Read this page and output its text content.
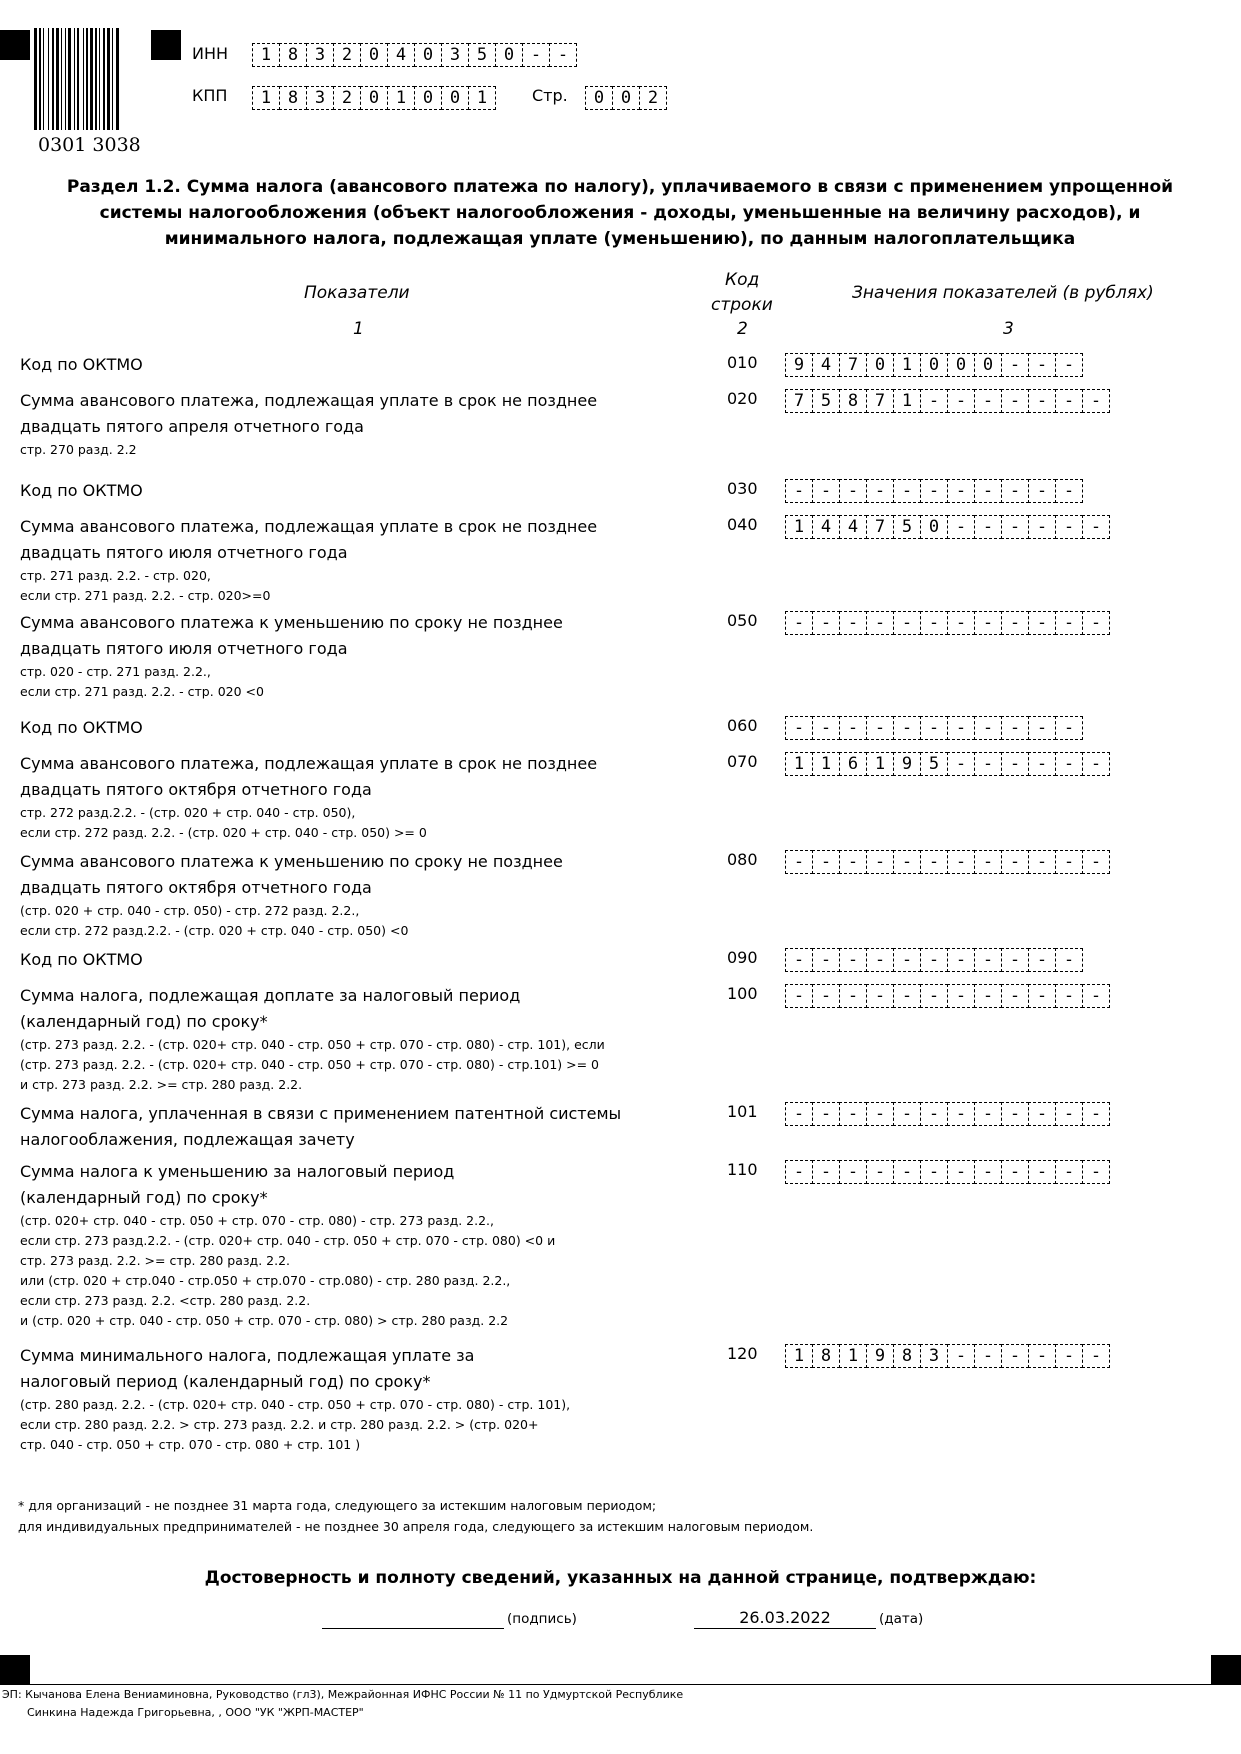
0301 3038
ИНН	1 8 3 2 0 4 0 3 5 0 - -
КПП	1 8 3 2 0 1 0 0 1	Стр.	0 0 2
Раздел 1.2. Сумма налога (авансового платежа по налогу), уплачиваемого в связи с применением упрощенной
системы налогообложения (объект налогообложения - доходы, уменьшенные на величину расходов), и
минимального налога, подлежащая уплате (уменьшению), по данным налогоплательщика
Показатели
Код
строки
Значения показателей (в рублях)
1	2	3
Код по ОКТМО	010	9 4 7 0 1 0 0 0 - - -
Сумма авансового платежа, подлежащая уплате в срок не позднее
двадцать пятого апреля отчетного года
стр. 270 разд. 2.2
020	7 5 8 7 1 - - - - - - -
Код по ОКТМО	030	- - - - - - - - - - -
Сумма авансового платежа, подлежащая уплате в срок не позднее
двадцать пятого июля отчетного года
стр. 271 разд. 2.2. - стр. 020,
если стр. 271 разд. 2.2. - стр. 020>=0
040	1 4 4 7 5 0 - - - - - -
Сумма авансового платежа к уменьшению по сроку не позднее
двадцать пятого июля отчетного года
стр. 020 - стр. 271 разд. 2.2.,
если стр. 271 разд. 2.2. - стр. 020 <0
050	- - - - - - - - - - - -
Код по ОКТМО	060	- - - - - - - - - - -
Сумма авансового платежа, подлежащая уплате в срок не позднее
двадцать пятого октября отчетного года
стр. 272 разд.2.2. - (стр. 020 + стр. 040 - стр. 050),
если стр. 272 разд. 2.2. - (стр. 020 + стр. 040 - стр. 050) >= 0
070	1 1 6 1 9 5 - - - - - -
Сумма авансового платежа к уменьшению по сроку не позднее
двадцать пятого октября отчетного года
(стр. 020 + стр. 040 - стр. 050) - стр. 272 разд. 2.2.,
если стр. 272 разд.2.2. - (стр. 020 + стр. 040 - стр. 050) <0
080	- - - - - - - - - - - -
Код по ОКТМО	090	- - - - - - - - - - -
Сумма налога, подлежащая доплате за налоговый период
(календарный год) по сроку*
(стр. 273 разд. 2.2. - (стр. 020+ стр. 040 - стр. 050 + стр. 070 - стр. 080) - стр. 101), если
(стр. 273 разд. 2.2. - (стр. 020+ стр. 040 - стр. 050 + стр. 070 - стр. 080) - стр.101) >= 0
и стр. 273 разд. 2.2. >= стр. 280 разд. 2.2.
100	- - - - - - - - - - - -
Сумма налога, уплаченная в связи с применением патентной системы
налогооблажения, подлежащая зачету
101	- - - - - - - - - - - -
Сумма налога к уменьшению за налоговый период
(календарный год) по сроку*
(стр. 020+ стр. 040 - стр. 050 + стр. 070 - стр. 080) - стр. 273 разд. 2.2.,
если стр. 273 разд.2.2. - (стр. 020+ стр. 040 - стр. 050 + стр. 070 - стр. 080) <0 и
стр. 273 разд. 2.2. >= стр. 280 разд. 2.2.
или (стр. 020 + стр.040 - стр.050 + стр.070 - стр.080) - стр. 280 разд. 2.2.,
если стр. 273 разд. 2.2. <стр. 280 разд. 2.2.
и (стр. 020 + стр. 040 - стр. 050 + стр. 070 - стр. 080) > стр. 280 разд. 2.2
110	- - - - - - - - - - - -
Сумма минимального налога, подлежащая уплате за
налоговый период (календарный год) по сроку*
(стр. 280 разд. 2.2. - (стр. 020+ стр. 040 - стр. 050 + стр. 070 - стр. 080) - стр. 101),
если стр. 280 разд. 2.2. > стр. 273 разд. 2.2. и стр. 280 разд. 2.2. > (стр. 020+
стр. 040 - стр. 050 + стр. 070 - стр. 080 + стр. 101 )
120	1 8 1 9 8 3 - - - - - -
* для организаций - не позднее 31 марта года, следующего за истекшим налоговым периодом;
для индивидуальных предпринимателей - не позднее 30 апреля года, следующего за истекшим налоговым периодом.
Достоверность и полноту сведений, указанных на данной странице, подтверждаю:
(подпись)	26.03.2022	(дата)
ЭП: Кычанова Елена Вениаминовна, Руководство (гл3), Межрайонная ИФНС России № 11 по Удмуртской Республике
Синкина Надежда Григорьевна, , ООО "УК "ЖРП-МАСТЕР"
